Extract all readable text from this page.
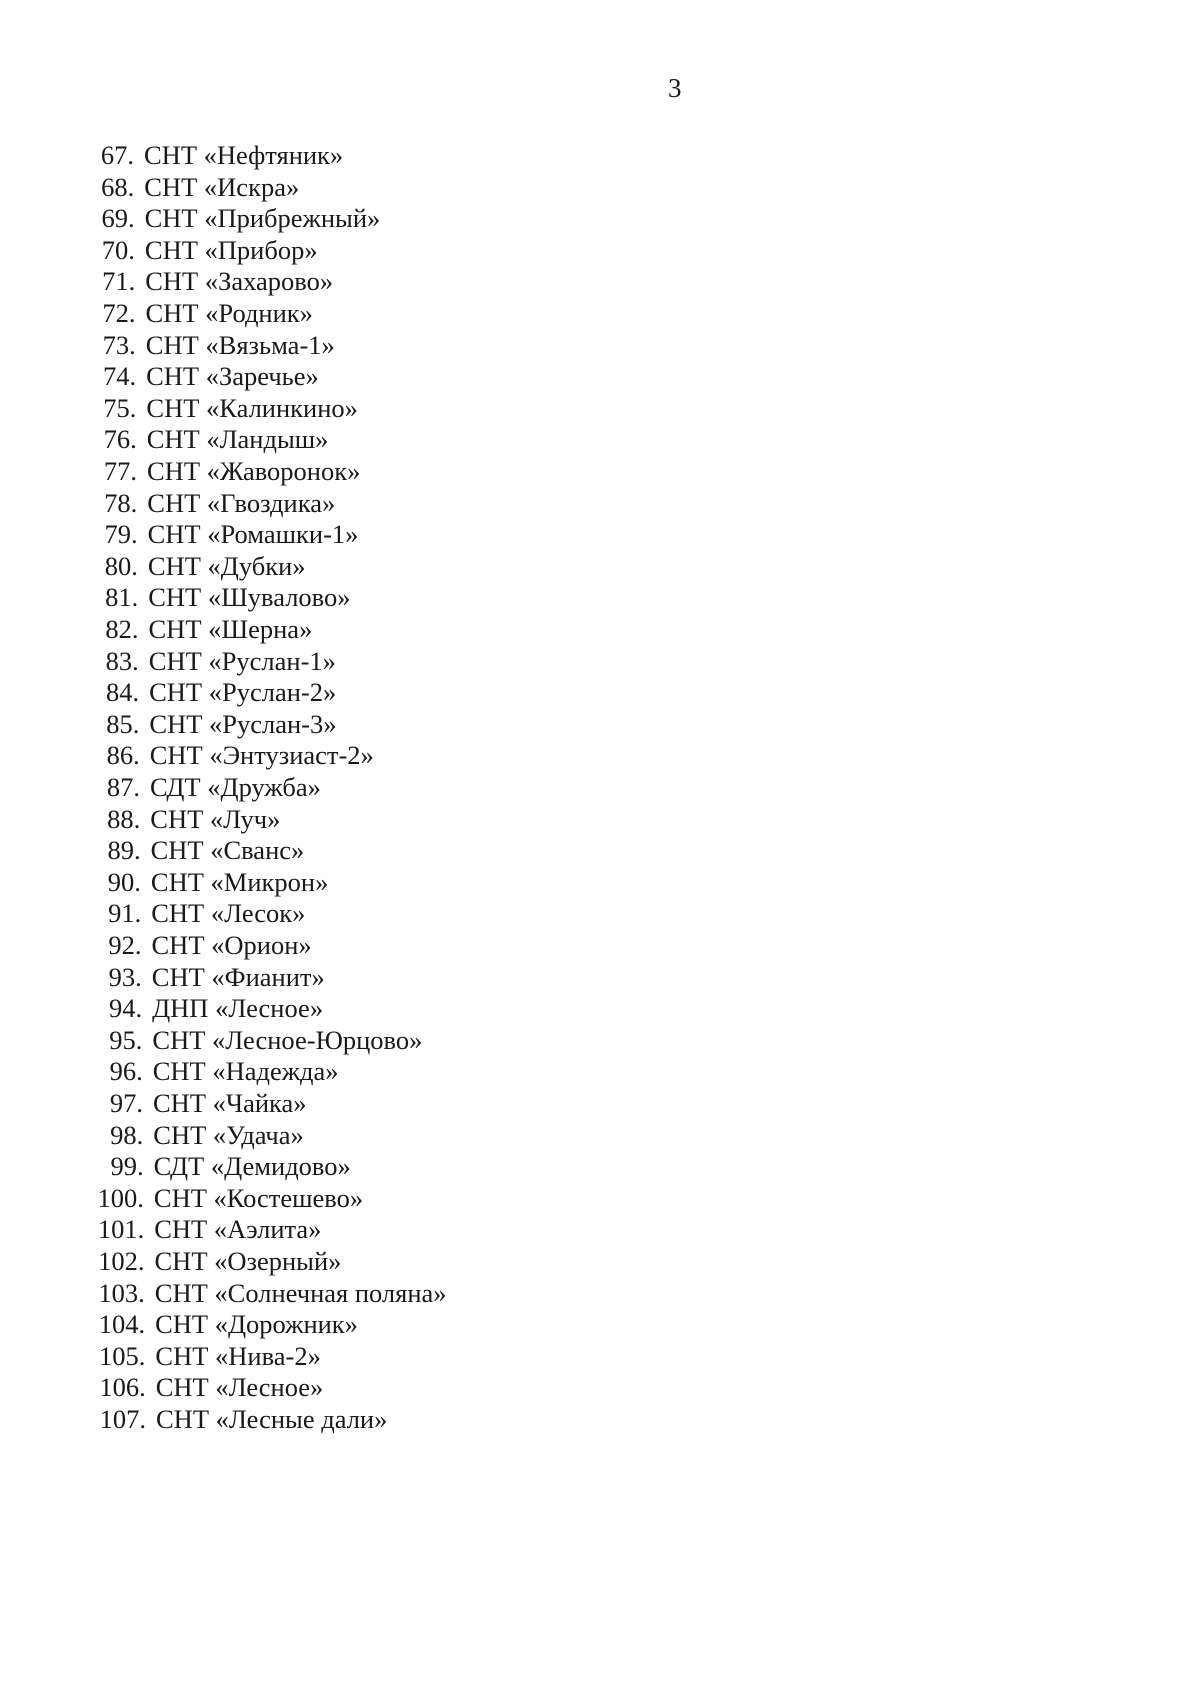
3
67. СНТ «Нефтяник»
68. СНТ «Искра»
69. СНТ «Прибрежный»
70. СНТ «Прибор»
71. СНТ «Захарово»
72. СНТ «Родник»
73. СНТ «Вязьма-1»
74. СНТ «Заречье»
75. СНТ «Калинкино»
76. СНТ «Ландыш»
77. СНТ «Жаворонок»
78. СНТ «Гвоздика»
79. СНТ «Ромашки-1»
80. СНТ «Дубки»
81. СНТ «Шувалово»
82. СНТ «Шерна»
83. СНТ «Руслан-1»
84. СНТ «Руслан-2»
85. СНТ «Руслан-3»
86. СНТ «Энтузиаст-2»
87. СДТ «Дружба»
88. СНТ «Луч»
89. СНТ «Сванс»
90. СНТ «Микрон»
91. СНТ «Лесок»
92. СНТ «Орион»
93. СНТ «Фианит»
94. ДНП «Лесное»
95. СНТ «Лесное-Юрцово»
96. СНТ «Надежда»
97. СНТ «Чайка»
98. СНТ «Удача»
99. СДТ «Демидово»
100. СНТ «Костешево»
101. СНТ «Аэлита»
102. СНТ «Озерный»
103. СНТ «Солнечная поляна»
104. СНТ «Дорожник»
105. СНТ «Нива-2»
106. СНТ «Лесное»
107. СНТ «Лесные дали»
